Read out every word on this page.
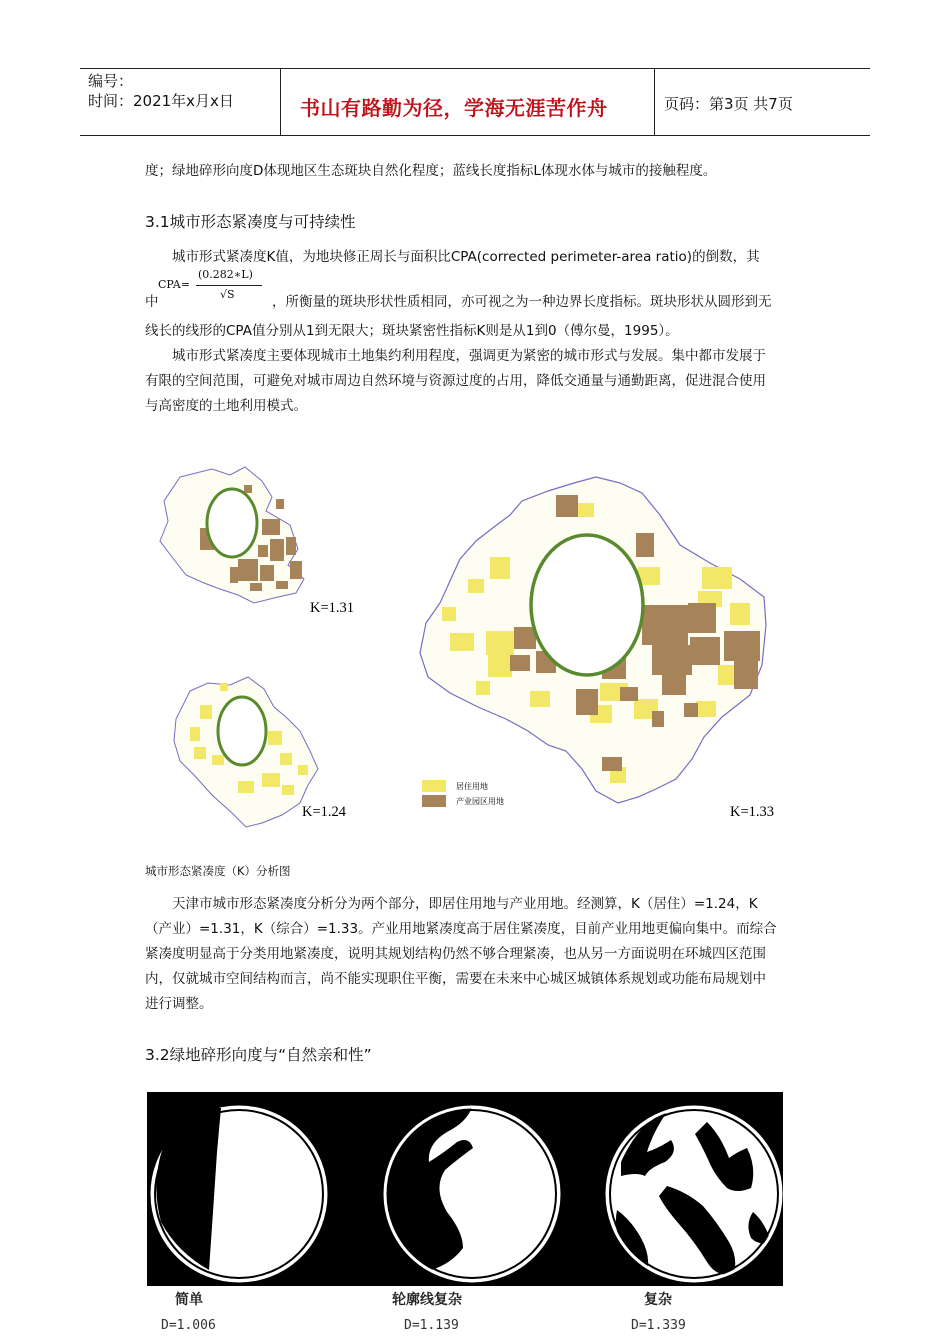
编号：
时间：2021年x月x日	书山有路勤为径，学海无涯苦作舟	页码：第3页 共7页
度；绿地碎形向度D体现地区生态斑块自然化程度；蓝线长度指标L体现水体与城市的接触程度。
3.1城市形态紧凑度与可持续性
城市形式紧凑度K值，为地块修正周长与面积比CPA(corrected perimeter-area ratio)的倒数，其
中
CPA=
(0.282∗L)
√S	，所衡量的斑块形状性质相同，亦可视之为一种边界长度指标。斑块形状从圆形到无
线长的线形的CPA值分别从1到无限大；斑块紧密性指标K则是从1到0（傅尔曼，1995）。
城市形式紧凑度主要体现城市土地集约利用程度，强调更为紧密的城市形式与发展。集中都市发展于
有限的空间范围，可避免对城市周边自然环境与资源过度的占用，降低交通量与通勤距离，促进混合使用
与高密度的土地利用模式。
K=1.31
K=1.24
居住用地
产业园区用地
K=1.33
城市形态紧凑度（K）分析图
天津市城市形态紧凑度分析分为两个部分，即居住用地与产业用地。经测算，K（居住）=1.24，K
（产业）=1.31，K（综合）=1.33。产业用地紧凑度高于居住紧凑度，目前产业用地更偏向集中。而综合
紧凑度明显高于分类用地紧凑度，说明其规划结构仍然不够合理紧凑，也从另一方面说明在环城四区范围
内，仅就城市空间结构而言，尚不能实现职住平衡，需要在未来中心城区城镇体系规划或功能布局规划中
进行调整。
3.2绿地碎形向度与“自然亲和性”
简单	轮廓线复杂	复杂
D=1.006	D=1.139	D=1.339
